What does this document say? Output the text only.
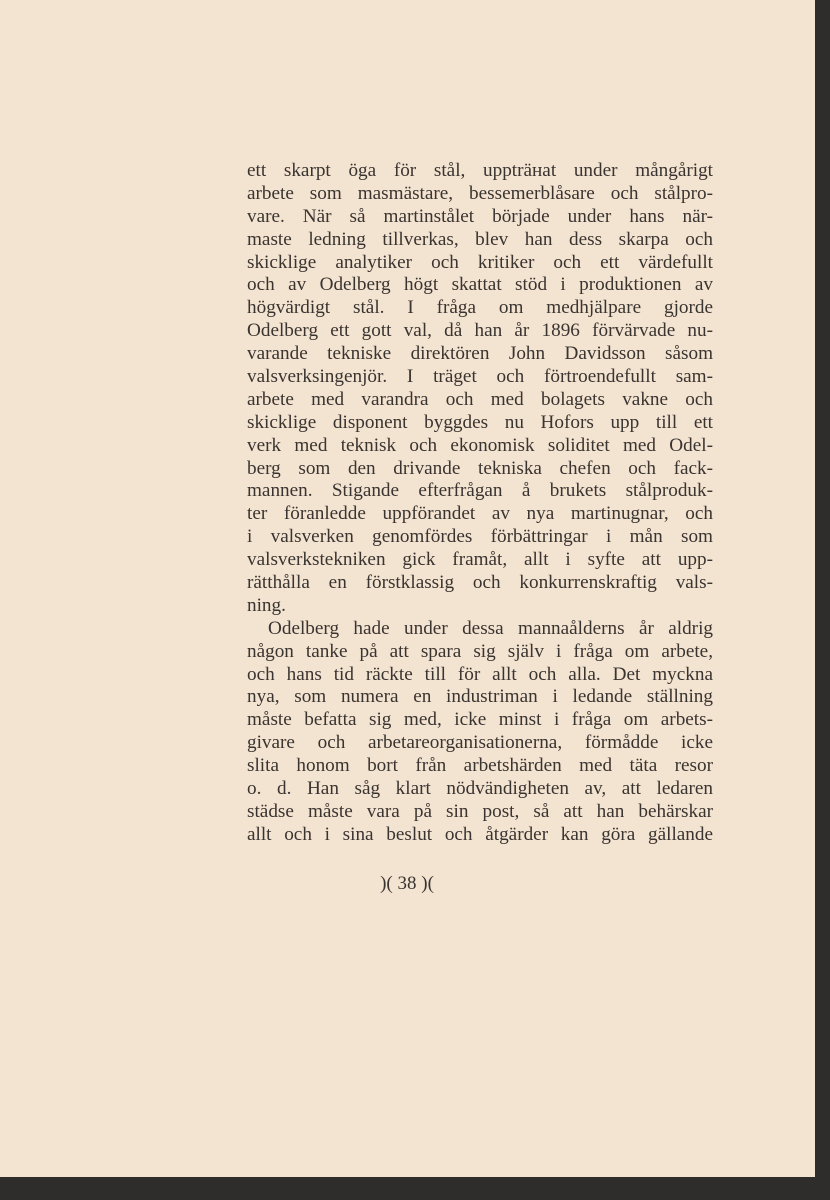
ett skarpt öga för stål, uppträнat under mångårigt
arbete som masmästare, bessemerblåsare och stålpro-
vare. När så martinstålet började under hans när-
maste ledning tillverkas, blev han dess skarpa och
skicklige analytiker och kritiker och ett värdefullt
och av Odelberg högt skattat stöd i produktionen av
högvärdigt stål. I fråga om medhjälpare gjorde
Odelberg ett gott val, då han år 1896 förvärvade nu-
varande tekniske direktören John Davidsson såsom
valsverksingenjör. I träget och förtroendefullt sam-
arbete med varandra och med bolagets vakne och
skicklige disponent byggdes nu Hofors upp till ett
verk med teknisk och ekonomisk soliditet med Odel-
berg som den drivande tekniska chefen och fack-
mannen. Stigande efterfrågan å brukets stålproduk-
ter föranledde uppförandet av nya martinugnar, och
i valsverken genomfördes förbättringar i mån som
valsverkstekniken gick framåt, allt i syfte att upp-
rätthålla en förstklassig och konkurrenskraftig vals-
ning.
Odelberg hade under dessa mannaålderns år aldrig
någon tanke på att spara sig själv i fråga om arbete,
och hans tid räckte till för allt och alla. Det myckna
nya, som numera en industriman i ledande ställning
måste befatta sig med, icke minst i fråga om arbets-
givare och arbetareorganisationerna, förmådde icke
slita honom bort från arbetshärden med täta resor
o. d. Han såg klart nödvändigheten av, att ledaren
städse måste vara på sin post, så att han behärskar
allt och i sina beslut och åtgärder kan göra gällande
)( 38 )(
